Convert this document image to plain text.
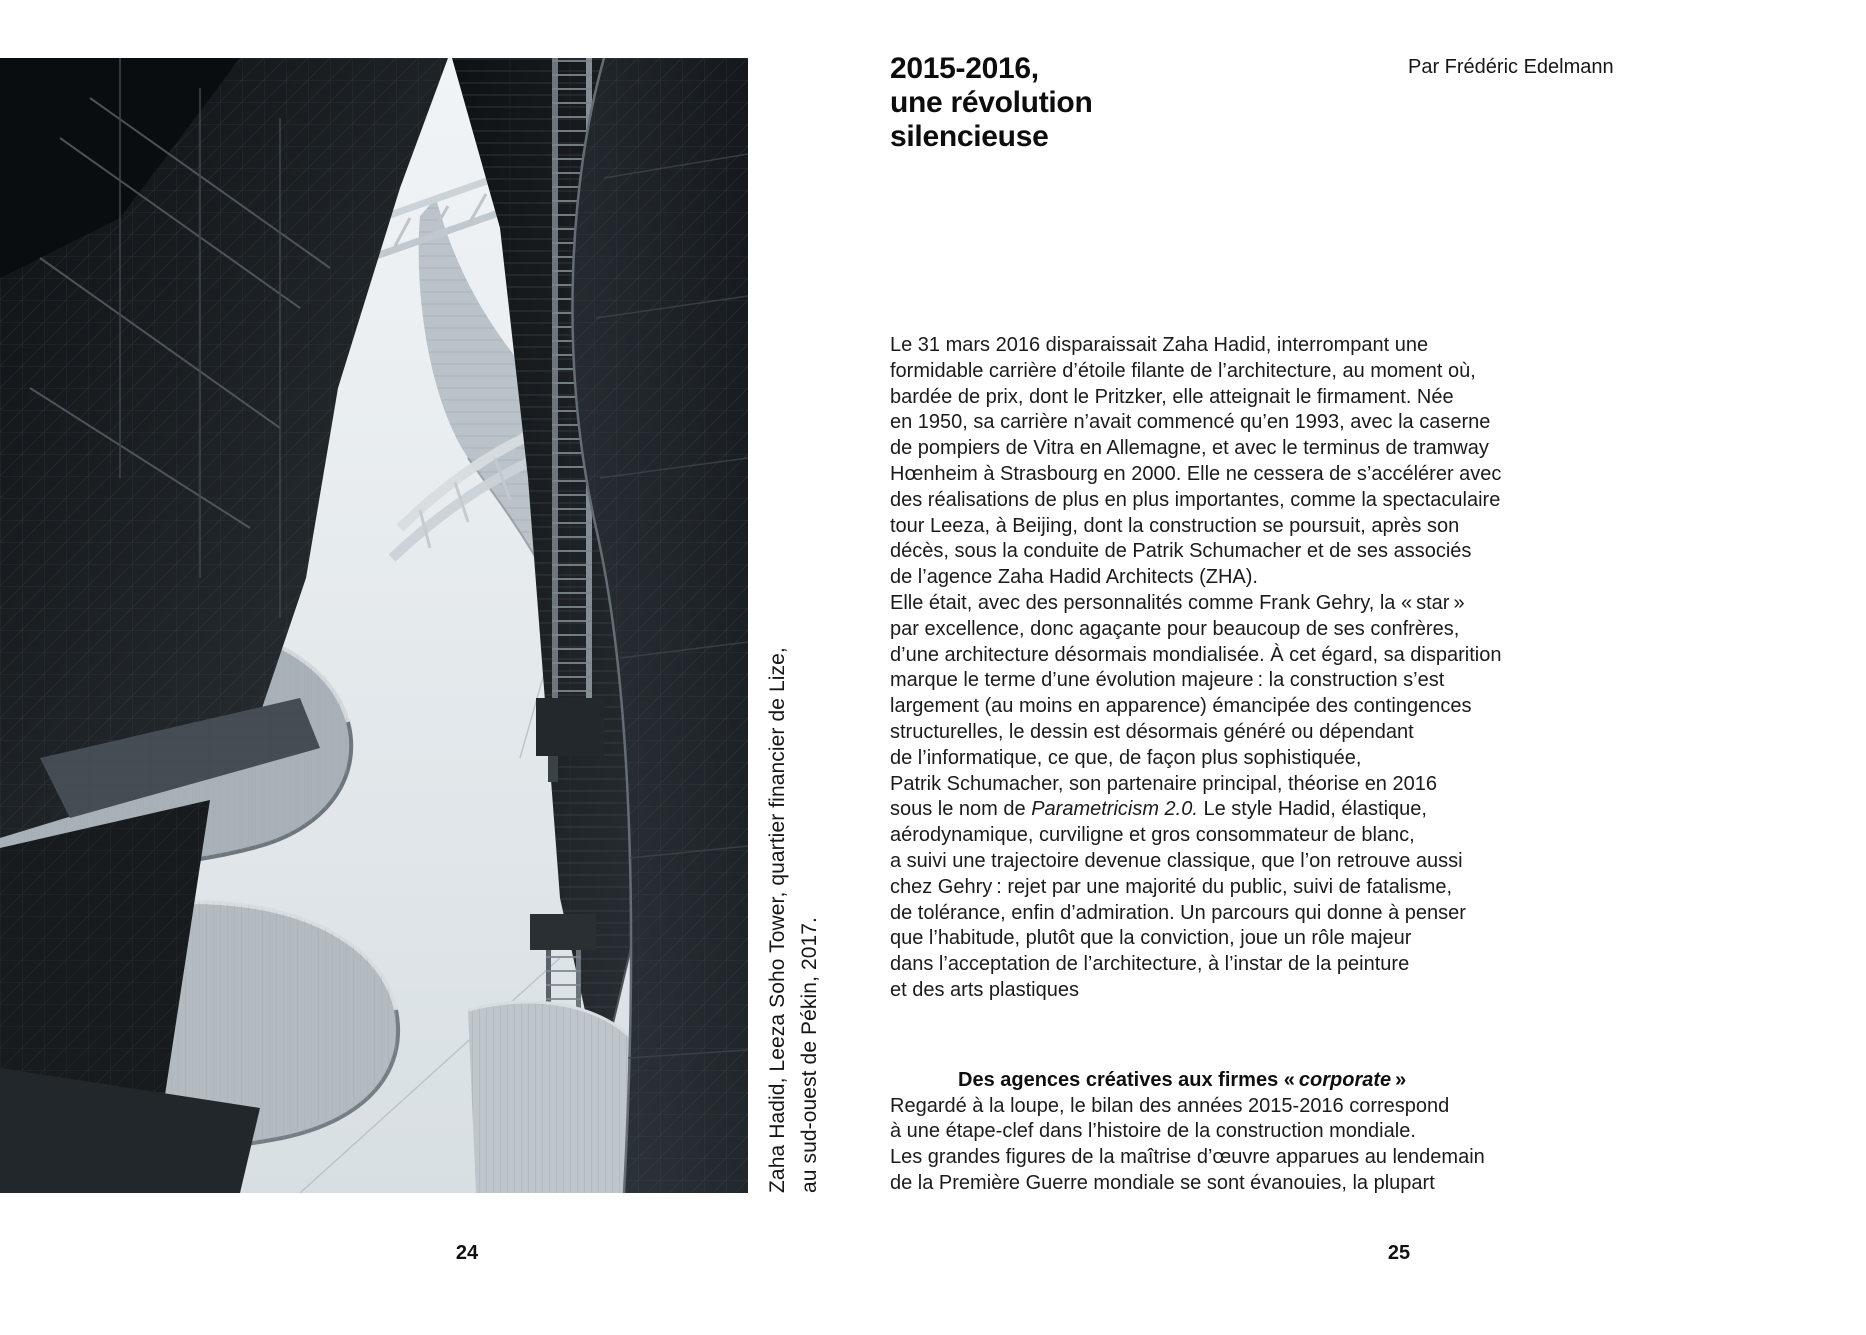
Zaha Hadid, Leeza Soho Tower, quartier financier de Lize, au sud-ouest de Pékin, 2017.
24
2015-2016,
une révolution
silencieuse
Par Frédéric Edelmann
Le 31 mars 2016 disparaissait Zaha Hadid, interrompant une
formidable carrière d’étoile filante de l’architecture, au moment où,
bardée de prix, dont le Pritzker, elle atteignait le firmament. Née
en 1950, sa carrière n’avait commencé qu’en 1993, avec la caserne
de pompiers de Vitra en Allemagne, et avec le terminus de tramway
Hœnheim à Strasbourg en 2000. Elle ne cessera de s’accélérer avec
des réalisations de plus en plus importantes, comme la spectaculaire
tour Leeza, à Beijing, dont la construction se poursuit, après son
décès, sous la conduite de Patrik Schumacher et de ses associés
de l’agence Zaha Hadid Architects (ZHA).
Elle était, avec des personnalités comme Frank Gehry, la « star »
par excellence, donc agaçante pour beaucoup de ses confrères,
d’une architecture désormais mondialisée. À cet égard, sa disparition
marque le terme d’une évolution majeure : la construction s’est
largement (au moins en apparence) émancipée des contingences
structurelles, le dessin est désormais généré ou dépendant
de l’informatique, ce que, de façon plus sophistiquée,
Patrik Schumacher, son partenaire principal, théorise en 2016
sous le nom de Parametricism 2.0. Le style Hadid, élastique,
aérodynamique, curviligne et gros consommateur de blanc,
a suivi une trajectoire devenue classique, que l’on retrouve aussi
chez Gehry : rejet par une majorité du public, suivi de fatalisme,
de tolérance, enfin d’admiration. Un parcours qui donne à penser
que l’habitude, plutôt que la conviction, joue un rôle majeur
dans l’acceptation de l’architecture, à l’instar de la peinture
et des arts plastiques
Des agences créatives aux firmes « corporate »
Regardé à la loupe, le bilan des années 2015-2016 correspond
à une étape-clef dans l’histoire de la construction mondiale.
Les grandes figures de la maîtrise d’œuvre apparues au lendemain
de la Première Guerre mondiale se sont évanouies, la plupart
25
